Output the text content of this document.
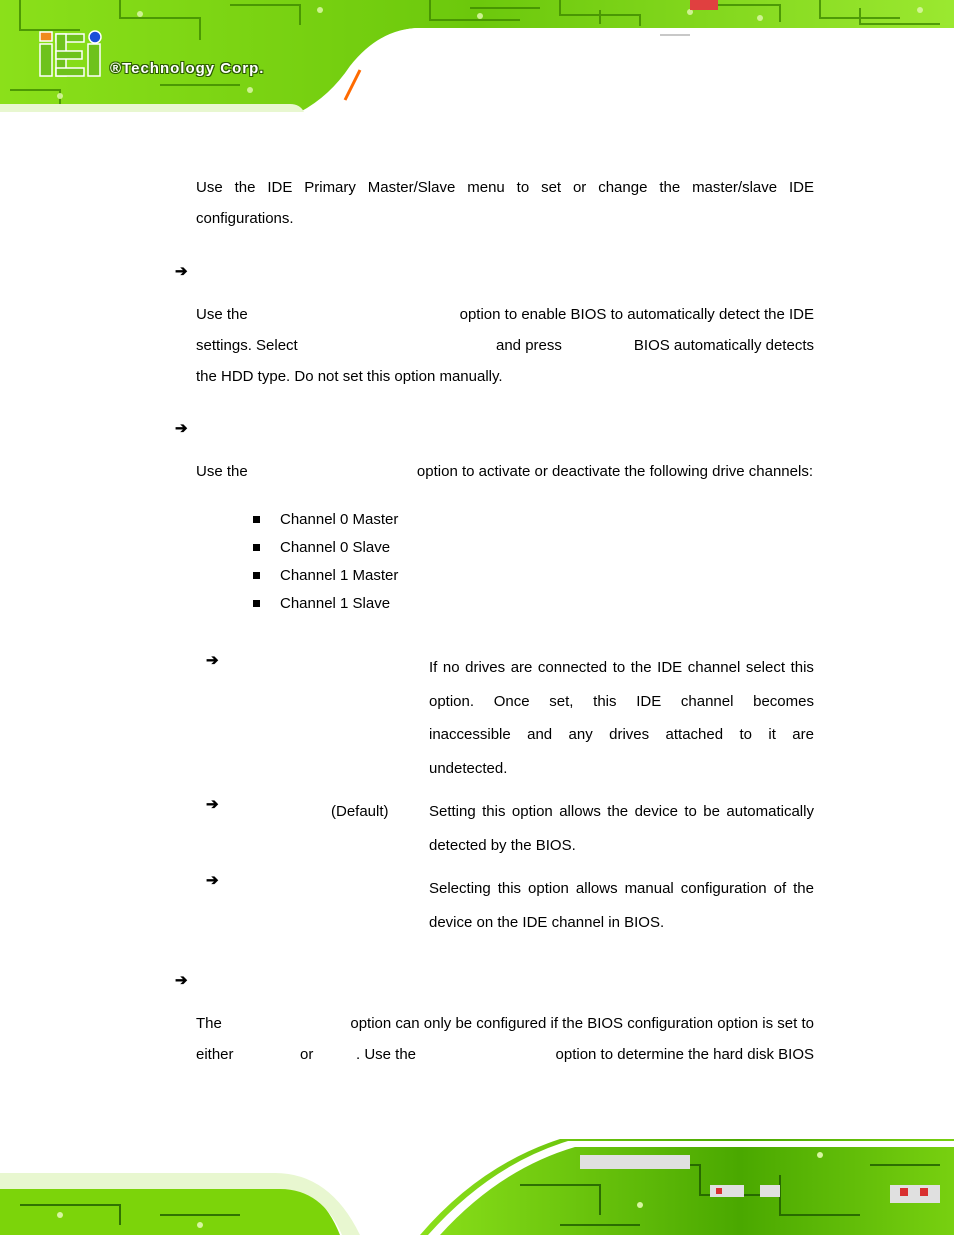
®Technology Corp.
Use the IDE Primary Master/Slave menu to set or change the master/slave IDE
configurations.
➔
Use the	option to enable BIOS to automatically detect the IDE
settings. Select	and press	BIOS automatically detects
the HDD type. Do not set this option manually.
➔
Use the	option to activate or deactivate the following drive channels:
Channel 0 Master
Channel 0 Slave
Channel 1 Master
Channel 1 Slave
➔	If no drives are connected to the IDE channel select this
option. Once set, this IDE channel becomes
inaccessible and any drives attached to it are
undetected.
➔	(Default)	Setting this option allows the device to be automatically
detected by the BIOS.
➔	Selecting this option allows manual configuration of the
device on the IDE channel in BIOS.
➔
The	option can only be configured if the BIOS configuration option is set to
either	or	. Use the	option to determine the hard disk BIOS
